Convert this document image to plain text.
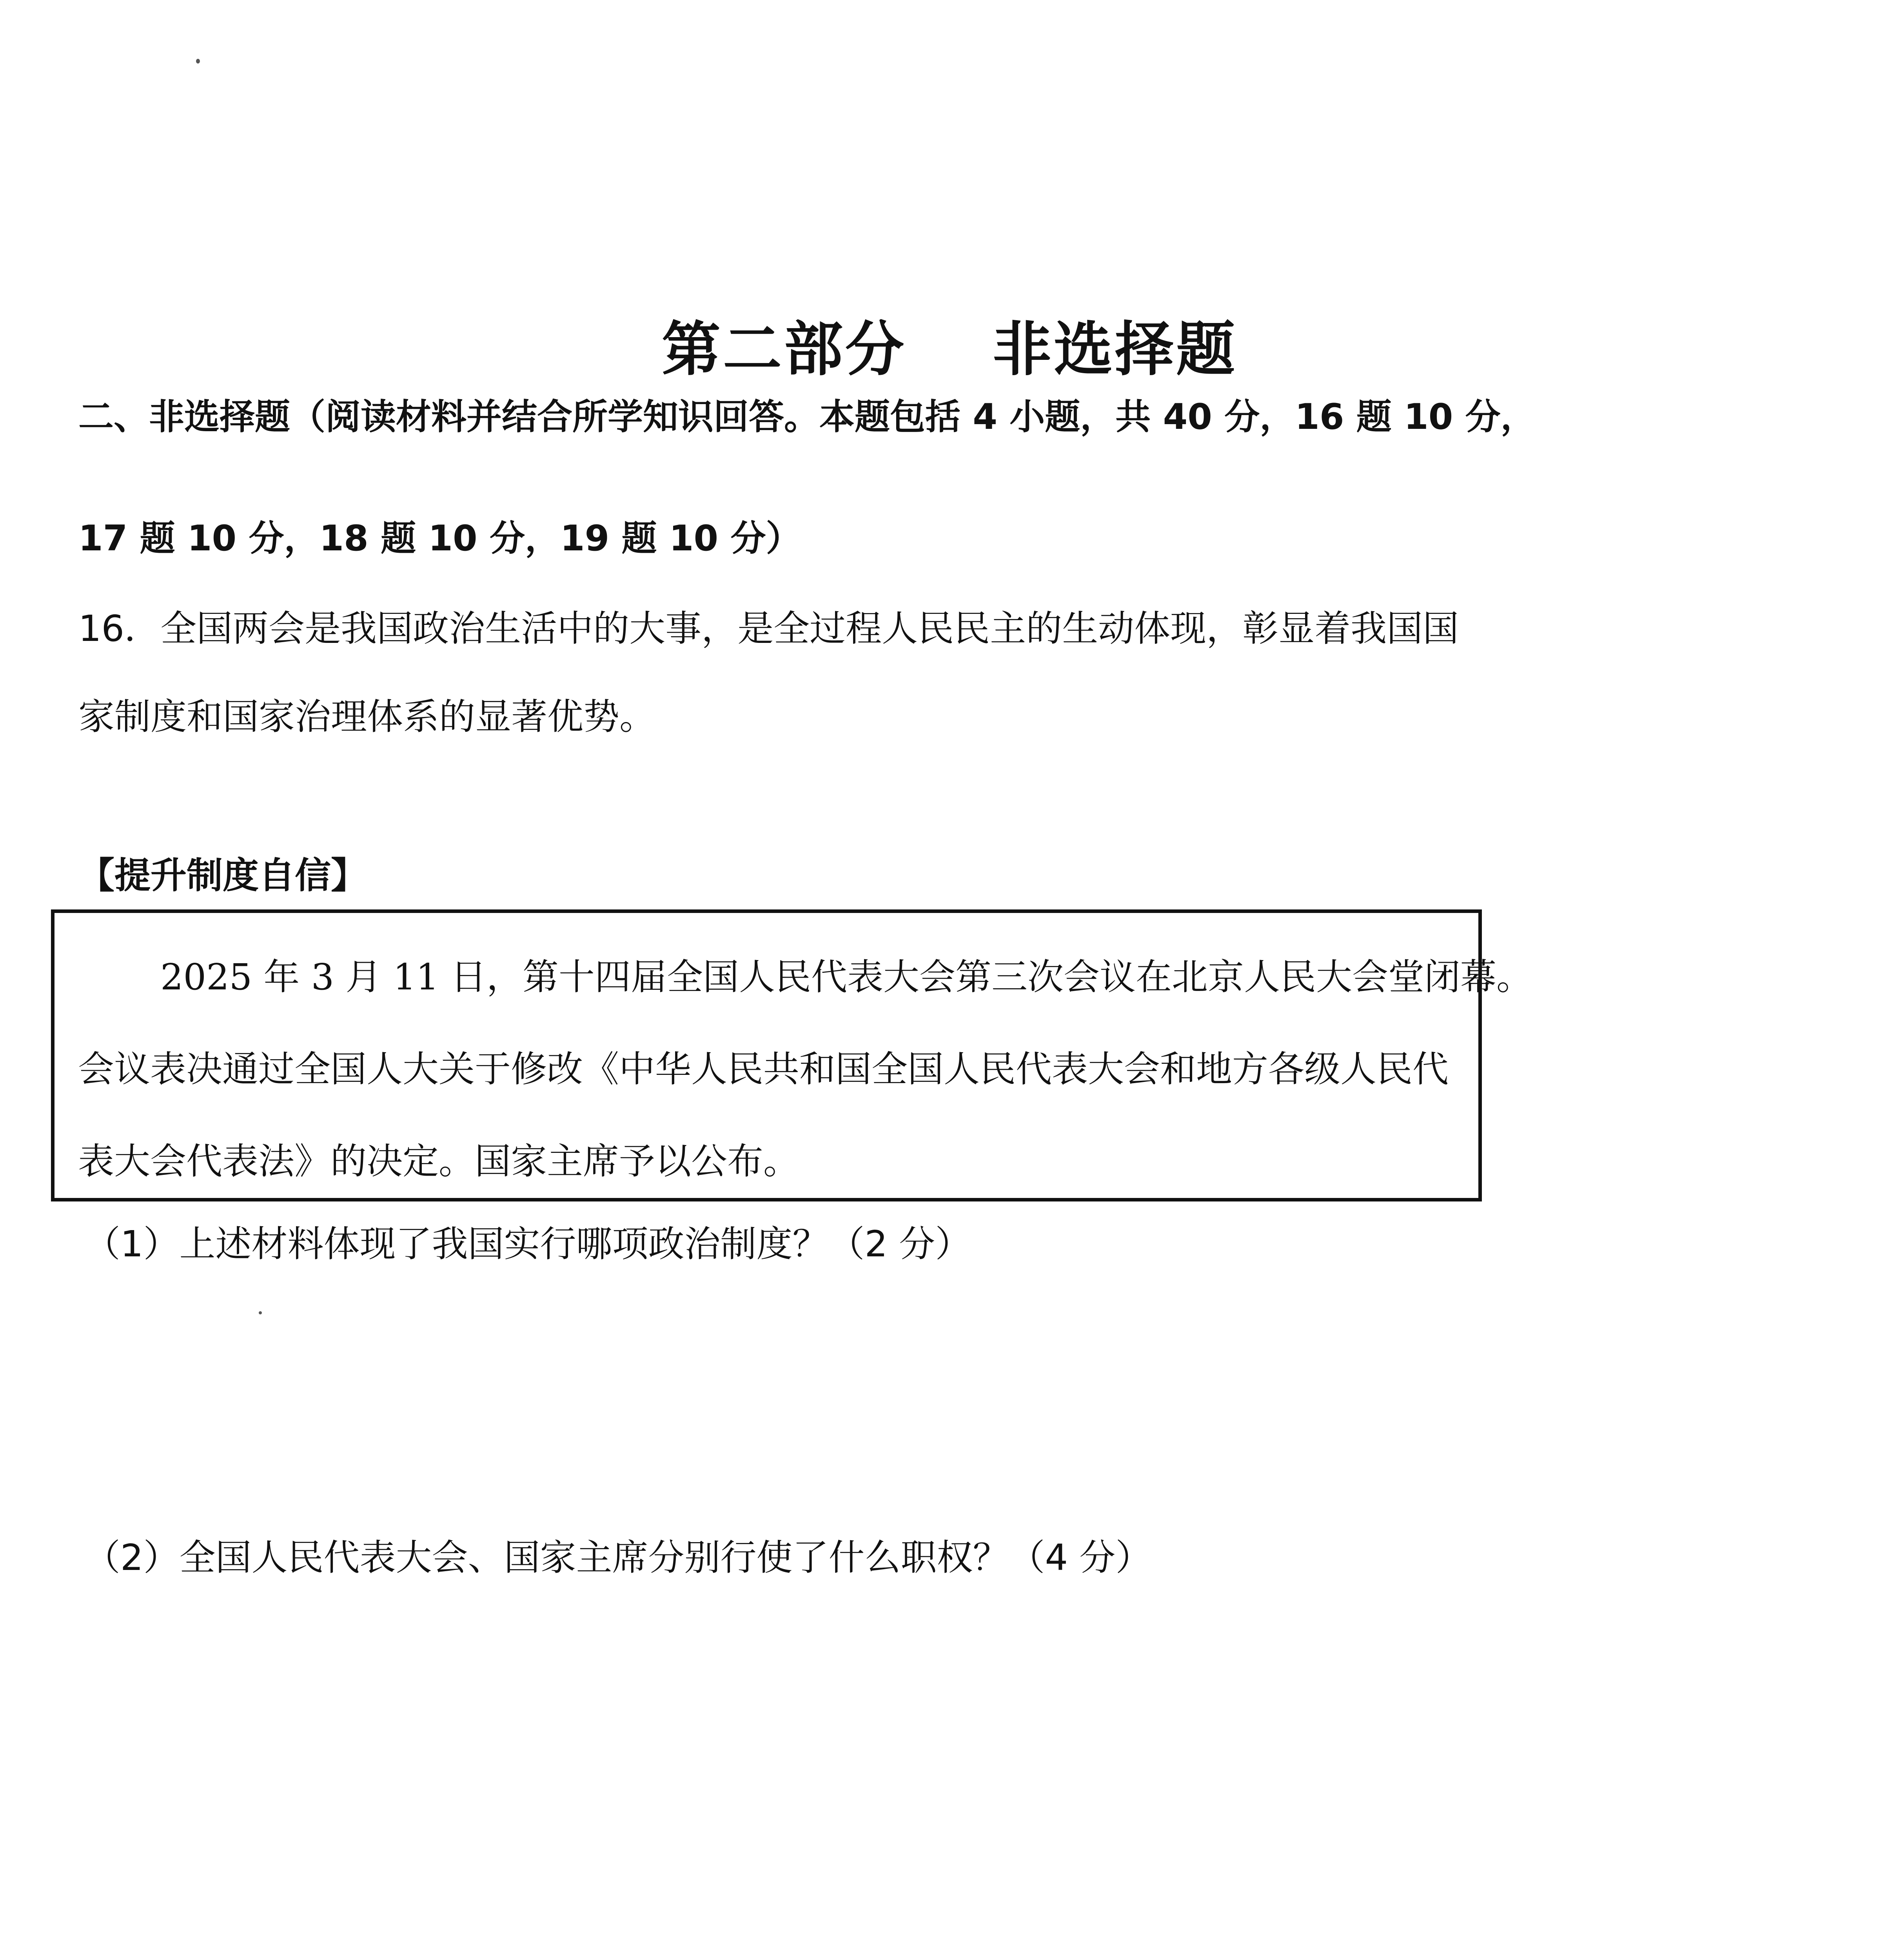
第二部分 非选择题
二、非选择题（阅读材料并结合所学知识回答。本题包括 4 小题，共 40 分，16 题 10 分，
17 题 10 分，18 题 10 分，19 题 10 分）
16．全国两会是我国政治生活中的大事，是全过程人民民主的生动体现，彰显着我国国
家制度和国家治理体系的显著优势。
【提升制度自信】
2025 年 3 月 11 日，第十四届全国人民代表大会第三次会议在北京人民大会堂闭幕。
会议表决通过全国人大关于修改《中华人民共和国全国人民代表大会和地方各级人民代
表大会代表法》的决定。国家主席予以公布。
（1）上述材料体现了我国实行哪项政治制度？（2 分）
（2）全国人民代表大会、国家主席分别行使了什么职权？（4 分）
